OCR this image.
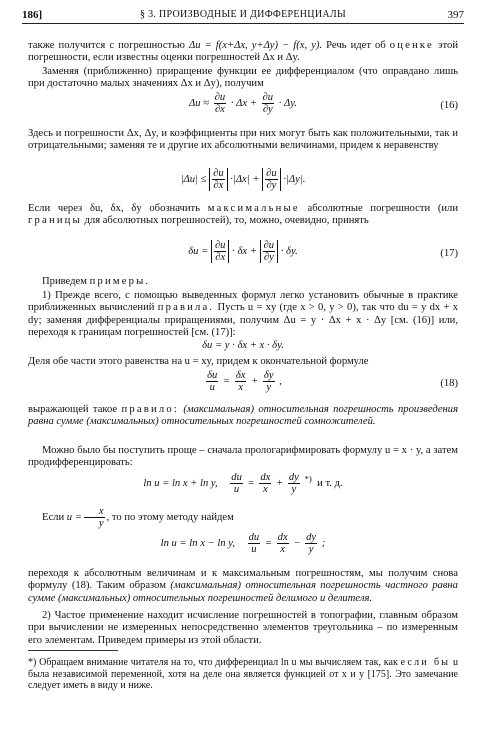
186]	§ 3. ПРОИЗВОДНЫЕ И ДИФФЕРЕНЦИАЛЫ	397
также получится с погрешностью Δu = f(x+Δx, y+Δy) − f(x, y). Речь идет об оценке этой погрешности, если известны оценки погрешностей Δx и Δy.
Заменяя (приближенно) приращение функции ее дифференциалом (что оправдано лишь при достаточно малых значениях Δx и Δy), получим
$\Delta u \approx \frac{\partial u}{\partial x} \cdot \Delta x + \frac{\partial u}{\partial y} \cdot \Delta y$.	(16)
Здесь и погрешности Δx, Δy, и коэффициенты при них могут быть как положительными, так и отрицательными; заменяя те и другие их абсолютными величинами, придем к неравенству
$|\Delta u| \le \frac{\partial u}{\partial x} \cdot|\Delta x| + \frac{\partial u}{\partial y} \cdot|\Delta y|$.
Если через δu, δx, δy обозначить максимальные абсолютные погрешности (или границы для абсолютных погрешностей), то, можно, очевидно, принять
$\delta u = \frac{\partial u}{\partial x} \cdot \delta x + \frac{\partial u}{\partial y} \cdot \delta y$.	(17)
Приведем примеры.
1) Прежде всего, с помощью выведенных формул легко установить обычные в практике приближенных вычислений правила. Пусть u = xy (где x > 0, y > 0), так что du = y dx + x dy; заменяя дифференциалы приращениями, получим Δu = y · Δx + x · Δy [см. (16)] или, переходя к границам погрешностей [см. (17)]:
δu = y · δx + x · δy.
Деля обе части этого равенства на u = xy, придем к окончательной формуле
$\frac{\delta u}{u} = \frac{\delta x}{x} + \frac{\delta y}{y}$ ,	(18)
выражающей такое правило: (максимальная) относительная погрешность произведения равна сумме (максимальных) относительных погрешностей сомножителей.
Можно было бы поступить проще – сначала прологарифмировать формулу u = x · y, а затем продифференцировать:
ln u = ln x + ln y, $\frac{du}{u} = \frac{dx}{x} + \frac{dy}{y} ^{*)}$ и т. д.
Если $u = \frac{x}{y}$ , то по этому методу найдем
ln u = ln x − ln y, $\frac{du}{u} = \frac{dx}{x} - \frac{dy}{y}$ ;
переходя к абсолютным величинам и к максимальным погрешностям, мы получим снова формулу (18). Таким образом (максимальная) относительная погрешность частного равна сумме (максимальных) относительных погрешностей делимого и делителя.
2) Частое применение находит исчисление погрешностей в топографии, главным образом при вычислении не измеренных непосредственно элементов треугольника – по измеренным его элементам. Приведем примеры из этой области.
*) Обращаем внимание читателя на то, что дифференциал ln u мы вычисляем так, как если бы u была независимой переменной, хотя на деле она является функцией от x и y [175]. Это замечание следует иметь в виду и ниже.
